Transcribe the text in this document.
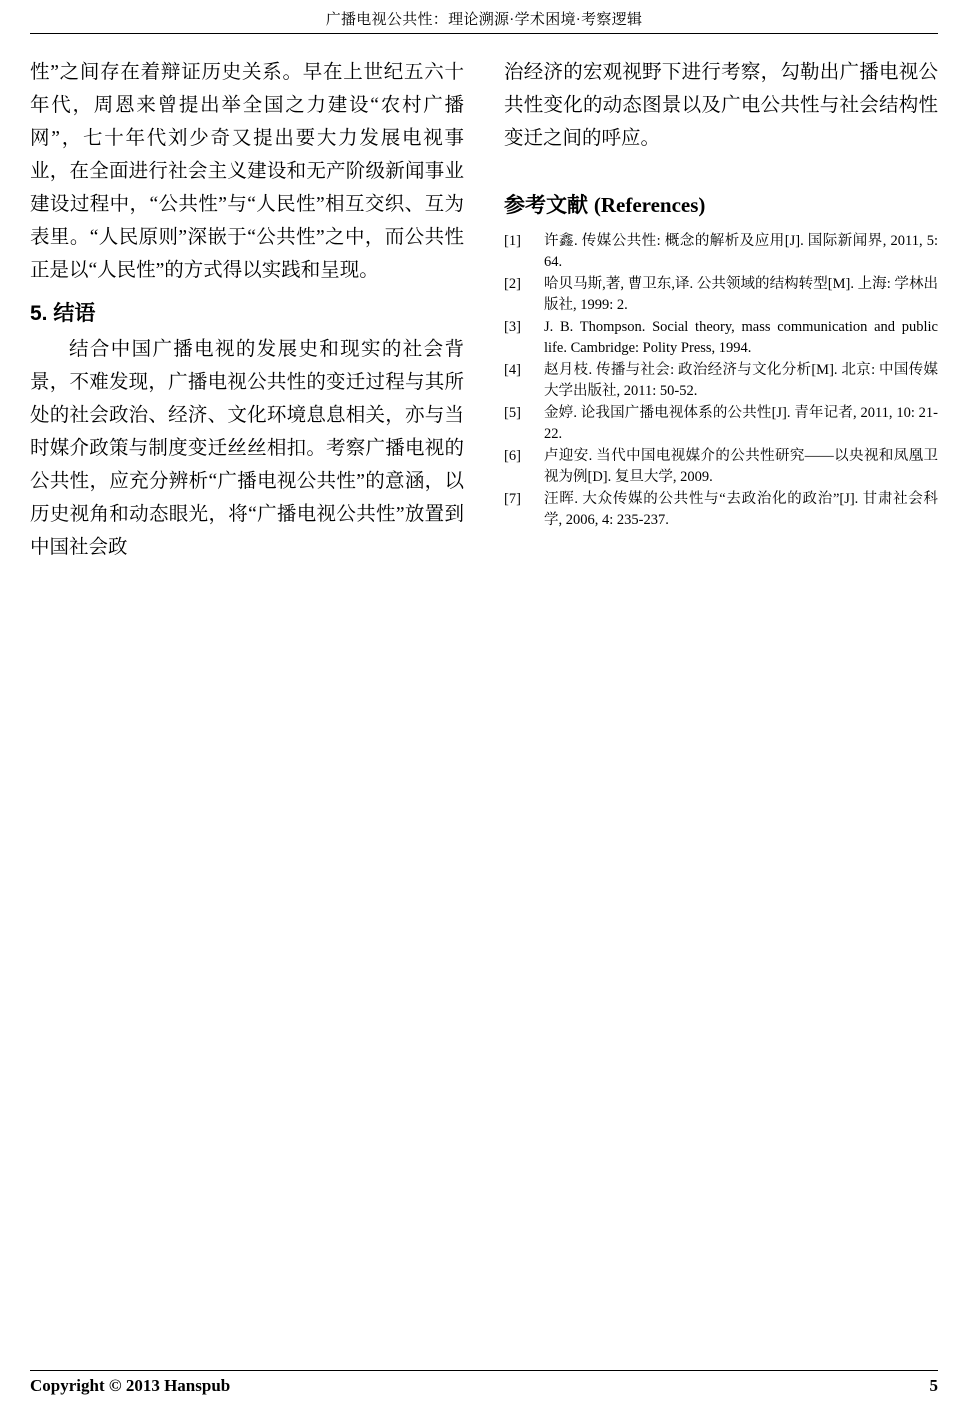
广播电视公共性：理论溯源·学术困境·考察逻辑

性”之间存在着辩证历史关系。早在上世纪五六十年代，周恩来曾提出举全国之力建设“农村广播网”，七十年代刘少奇又提出要大力发展电视事业，在全面进行社会主义建设和无产阶级新闻事业建设过程中，“公共性”与“人民性”相互交织、互为表里。“人民原则”深嵌于“公共性”之中，而公共性正是以“人民性”的方式得以实践和呈现。

5. 结语

结合中国广播电视的发展史和现实的社会背景，不难发现，广播电视公共性的变迁过程与其所处的社会政治、经济、文化环境息息相关，亦与当时媒介政策与制度变迁丝丝相扣。考察广播电视的公共性，应充分辨析“广播电视公共性”的意涵，以历史视角和动态眼光，将“广播电视公共性”放置到中国社会政

治经济的宏观视野下进行考察，勾勒出广播电视公共性变化的动态图景以及广电公共性与社会结构性变迁之间的呼应。

参考文献 (References)
[1]	许鑫. 传媒公共性: 概念的解析及应用[J]. 国际新闻界, 2011, 5: 64.
[2]	哈贝马斯,著, 曹卫东,译. 公共领域的结构转型[M]. 上海: 学林出版社, 1999: 2.
[3]	J. B. Thompson. Social theory, mass communication and public life. Cambridge: Polity Press, 1994.
[4]	赵月枝. 传播与社会: 政治经济与文化分析[M]. 北京: 中国传媒大学出版社, 2011: 50-52.
[5]	金婷. 论我国广播电视体系的公共性[J]. 青年记者, 2011, 10: 21-22.
[6]	卢迎安. 当代中国电视媒介的公共性研究——以央视和凤凰卫视为例[D]. 复旦大学, 2009.
[7]	汪晖. 大众传媒的公共性与“去政治化的政治”[J]. 甘肃社会科学, 2006, 4: 235-237.
Copyright © 2013 Hanspub	5
